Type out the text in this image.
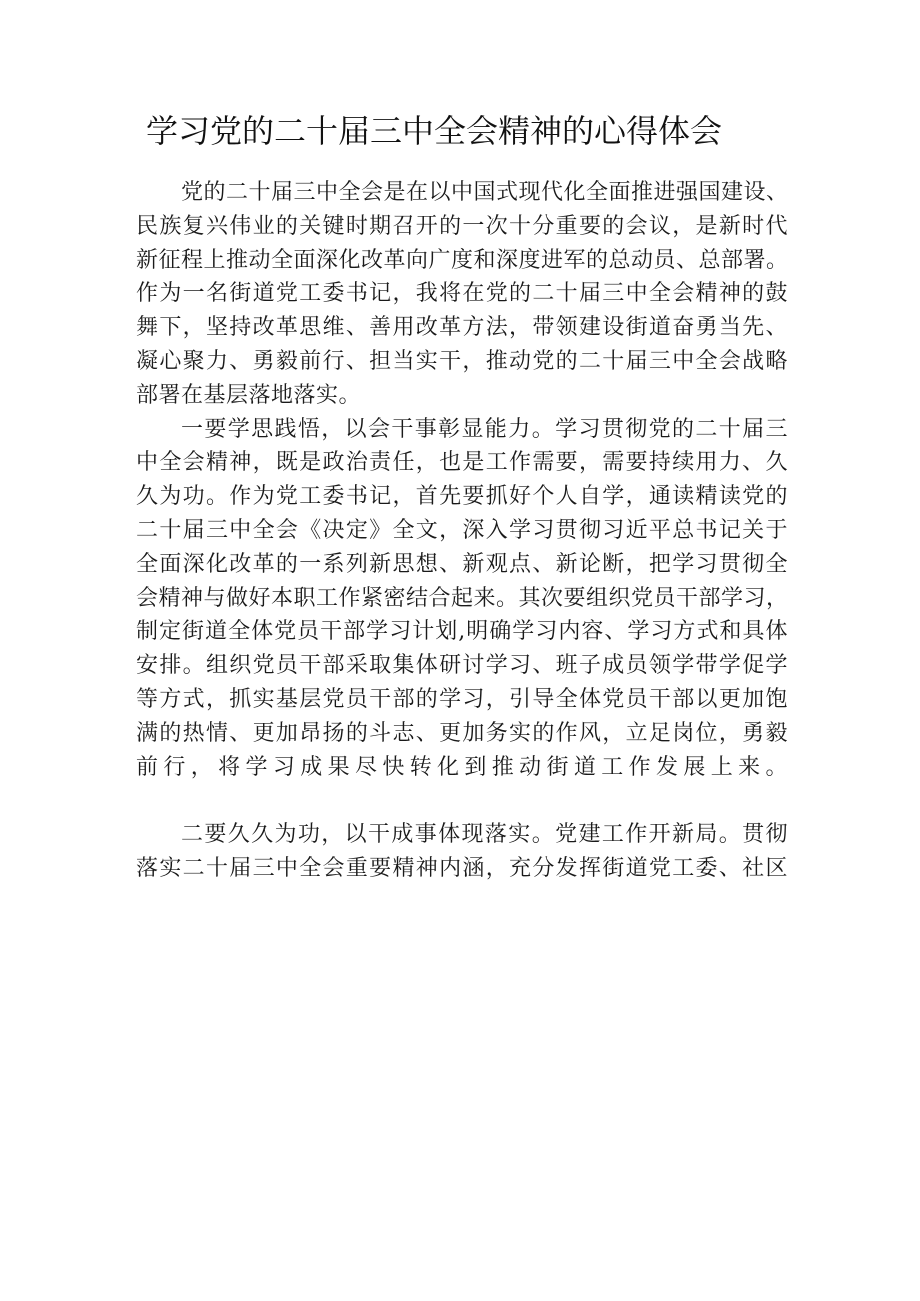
学习党的二十届三中全会精神的心得体会
党的二十届三中全会是在以中国式现代化全面推进强国建设、
民族复兴伟业的关键时期召开的一次十分重要的会议，是新时代
新征程上推动全面深化改革向广度和深度进军的总动员、总部署。
作为一名街道党工委书记，我将在党的二十届三中全会精神的鼓
舞下，坚持改革思维、善用改革方法，带领建设街道奋勇当先、
凝心聚力、勇毅前行、担当实干，推动党的二十届三中全会战略
部署在基层落地落实。
一要学思践悟，以会干事彰显能力。学习贯彻党的二十届三
中全会精神，既是政治责任，也是工作需要，需要持续用力、久
久为功。作为党工委书记，首先要抓好个人自学，通读精读党的
二十届三中全会《决定》全文，深入学习贯彻习近平总书记关于
全面深化改革的一系列新思想、新观点、新论断，把学习贯彻全
会精神与做好本职工作紧密结合起来。其次要组织党员干部学习，
制定街道全体党员干部学习计划,明确学习内容、学习方式和具体
安排。组织党员干部采取集体研讨学习、班子成员领学带学促学
等方式，抓实基层党员干部的学习，引导全体党员干部以更加饱
满的热情、更加昂扬的斗志、更加务实的作风，立足岗位，勇毅
前行，将学习成果尽快转化到推动街道工作发展上来。
二要久久为功，以干成事体现落实。党建工作开新局。贯彻
落实二十届三中全会重要精神内涵，充分发挥街道党工委、社区
